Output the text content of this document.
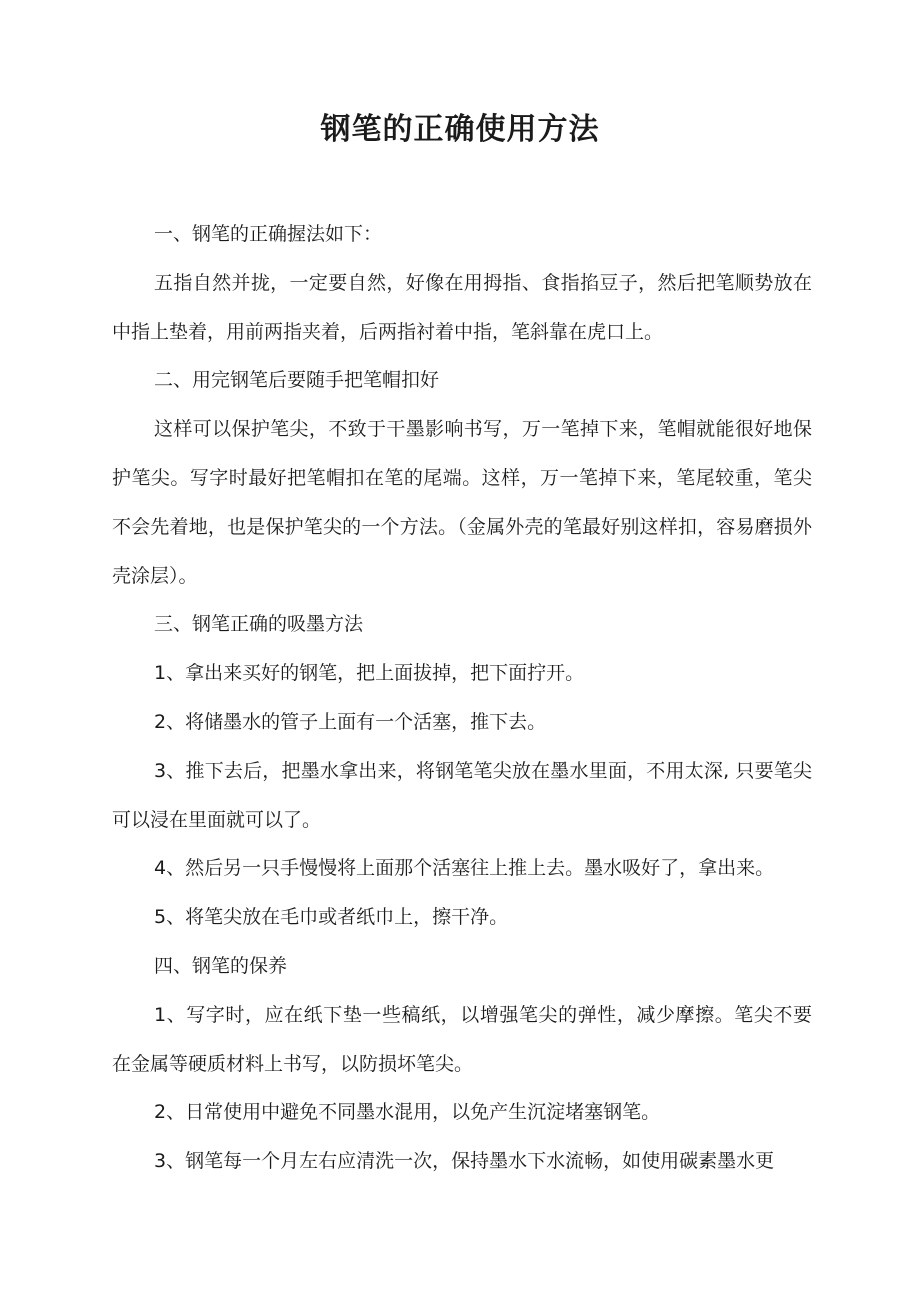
钢笔的正确使用方法

一、钢笔的正确握法如下：

五指自然并拢，一定要自然，好像在用拇指、食指掐豆子，然后把笔顺势放在中指上垫着，用前两指夹着，后两指衬着中指，笔斜靠在虎口上。

二、用完钢笔后要随手把笔帽扣好

这样可以保护笔尖，不致于干墨影响书写，万一笔掉下来，笔帽就能很好地保护笔尖。写字时最好把笔帽扣在笔的尾端。这样，万一笔掉下来，笔尾较重，笔尖不会先着地，也是保护笔尖的一个方法。（金属外壳的笔最好别这样扣，容易磨损外壳涂层）。

三、钢笔正确的吸墨方法

1、拿出来买好的钢笔，把上面拔掉，把下面拧开。

2、将储墨水的管子上面有一个活塞，推下去。

3、推下去后，把墨水拿出来，将钢笔笔尖放在墨水里面，不用太深, 只要笔尖可以浸在里面就可以了。

4、然后另一只手慢慢将上面那个活塞往上推上去。墨水吸好了，拿出来。

5、将笔尖放在毛巾或者纸巾上，擦干净。

四、钢笔的保养

1、写字时，应在纸下垫一些稿纸，以增强笔尖的弹性，减少摩擦。笔尖不要在金属等硬质材料上书写，以防损坏笔尖。

2、日常使用中避免不同墨水混用，以免产生沉淀堵塞钢笔。

3、钢笔每一个月左右应清洗一次，保持墨水下水流畅，如使用碳素墨水更
